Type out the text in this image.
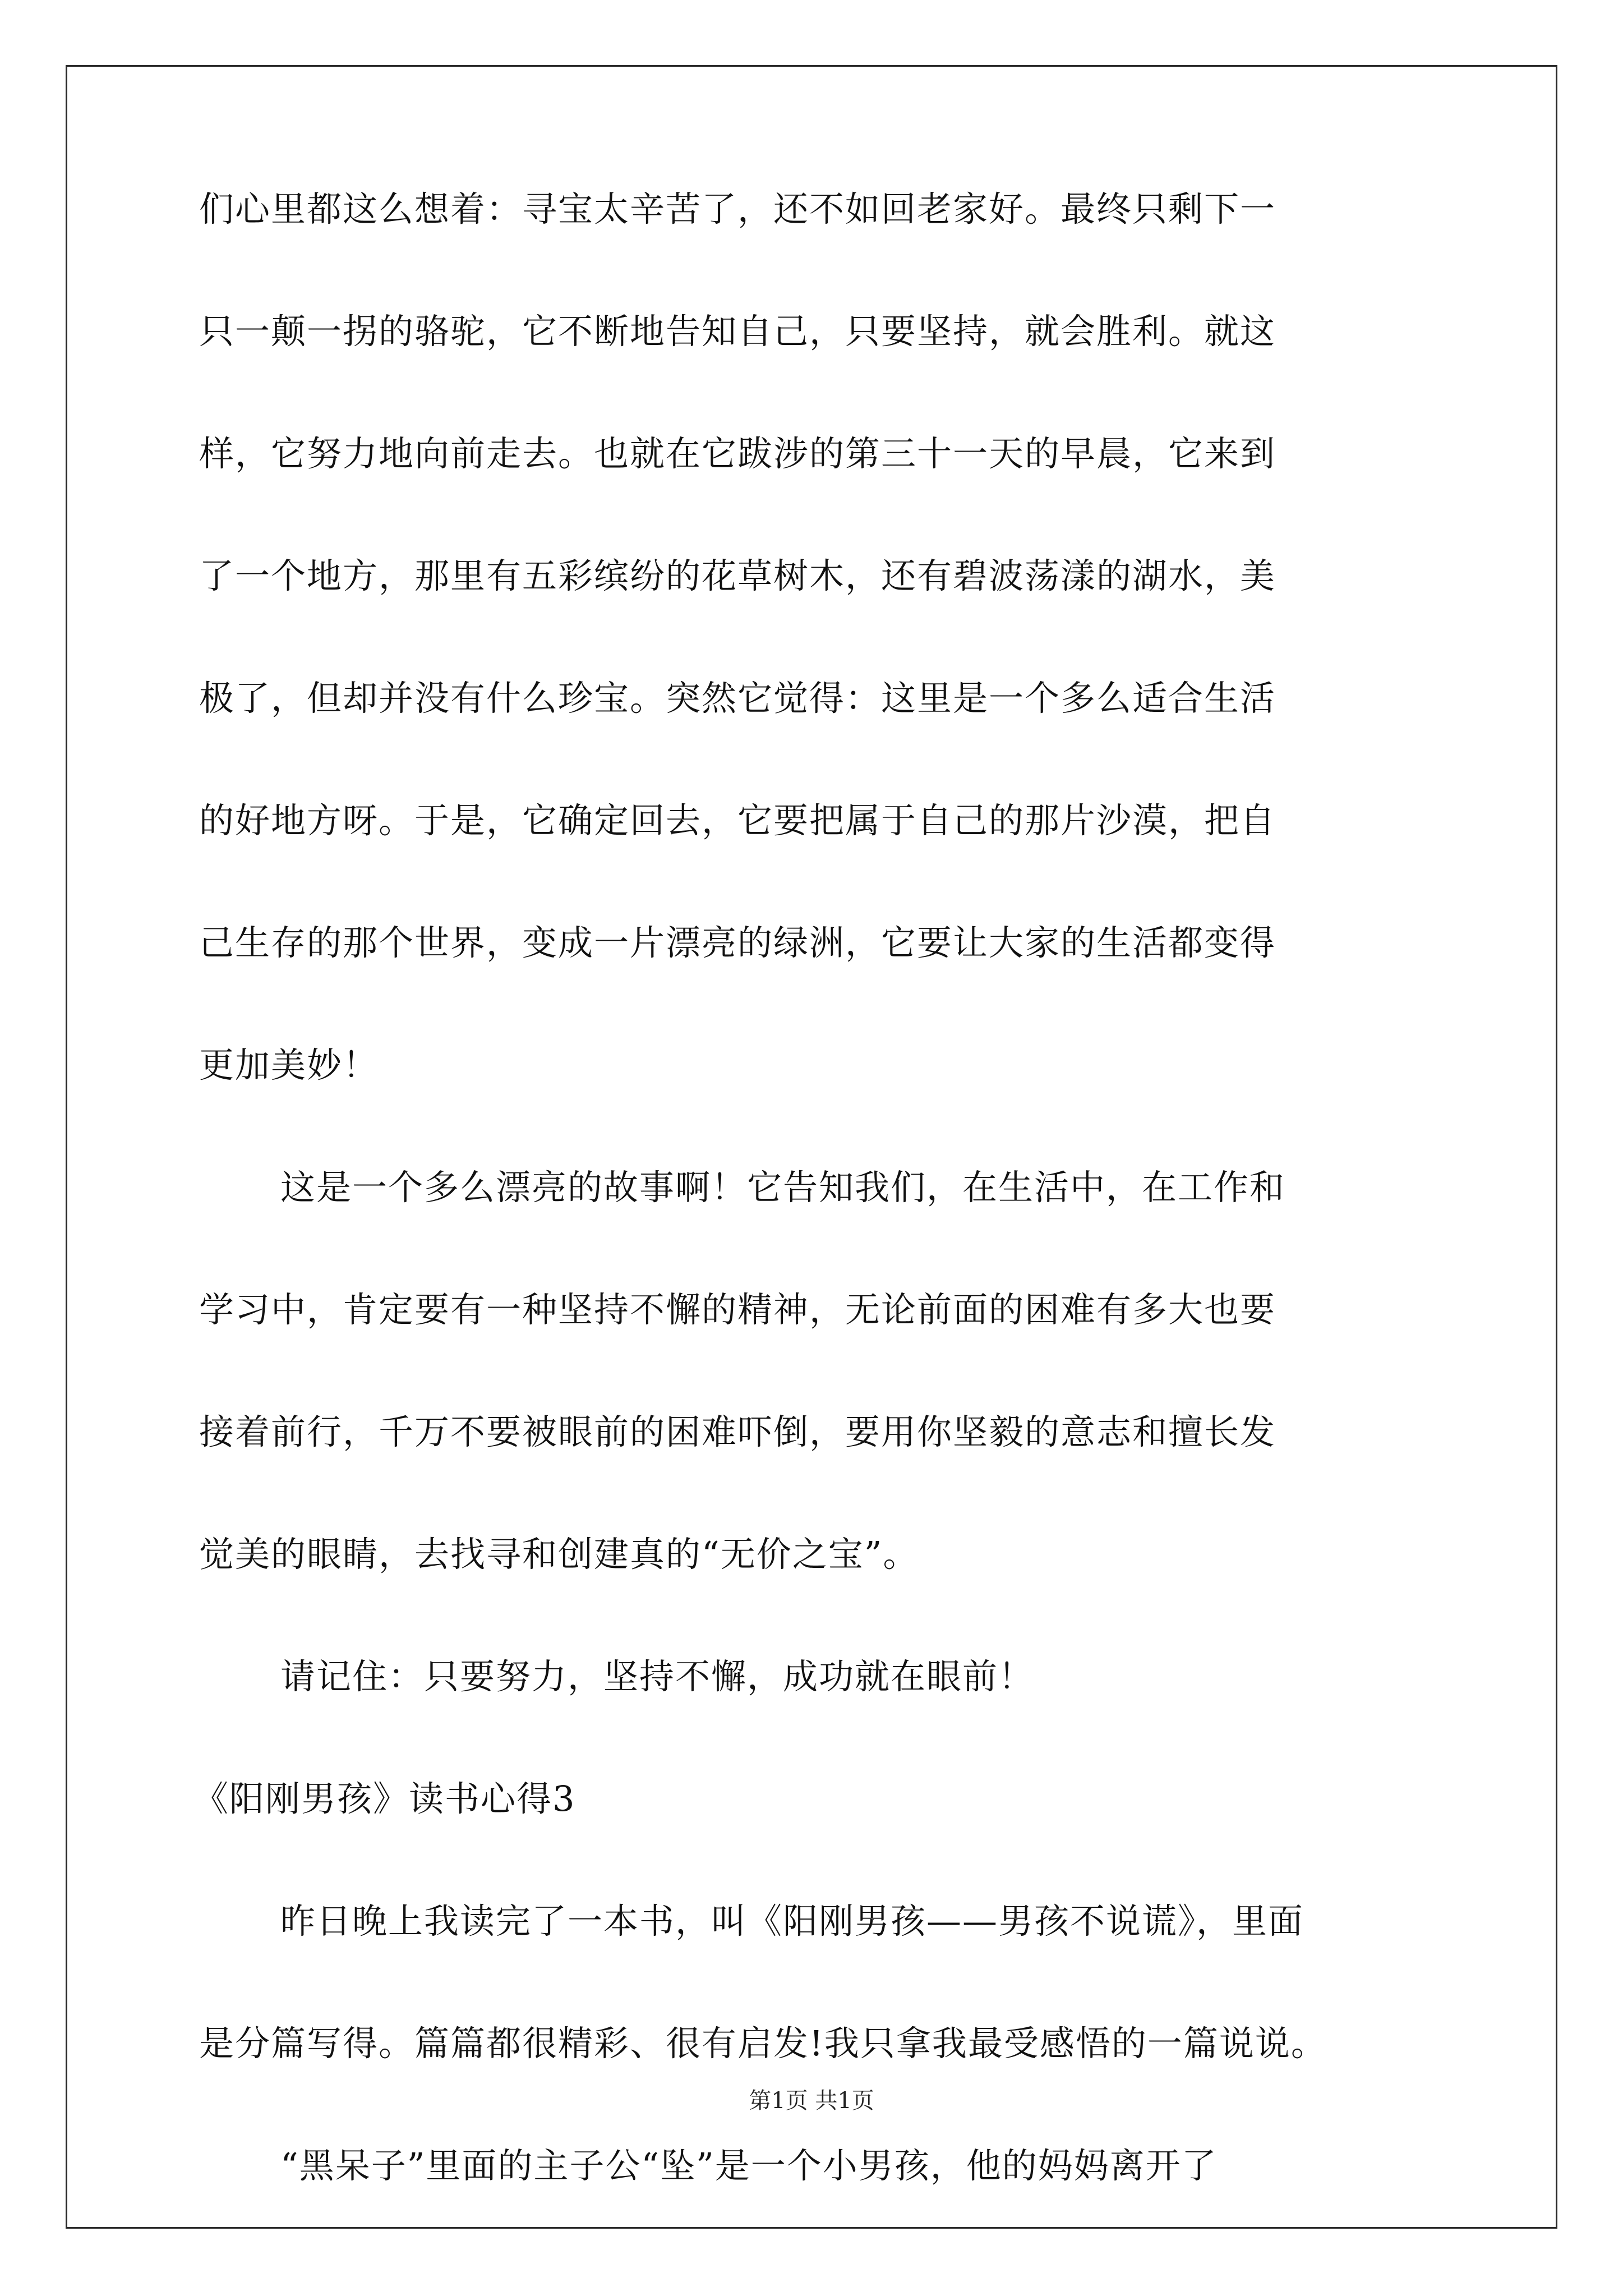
们心里都这么想着：寻宝太辛苦了，还不如回老家好。最终只剩下一
只一颠一拐的骆驼，它不断地告知自己，只要坚持，就会胜利。就这
样，它努力地向前走去。也就在它跋涉的第三十一天的早晨，它来到
了一个地方，那里有五彩缤纷的花草树木，还有碧波荡漾的湖水，美
极了，但却并没有什么珍宝。突然它觉得：这里是一个多么适合生活
的好地方呀。于是，它确定回去，它要把属于自己的那片沙漠，把自
己生存的那个世界，变成一片漂亮的绿洲，它要让大家的生活都变得
更加美妙！
这是一个多么漂亮的故事啊！它告知我们，在生活中，在工作和
学习中，肯定要有一种坚持不懈的精神，无论前面的困难有多大也要
接着前行，千万不要被眼前的困难吓倒，要用你坚毅的意志和擅长发
觉美的眼睛，去找寻和创建真的“无价之宝”。
请记住：只要努力，坚持不懈，成功就在眼前！
《阳刚男孩》读书心得3
昨日晚上我读完了一本书，叫《阳刚男孩——男孩不说谎》，里面
是分篇写得。篇篇都很精彩、很有启发!我只拿我最受感悟的一篇说说。
“黑呆子”里面的主子公“坠”是一个小男孩，他的妈妈离开了
第1页 共1页
